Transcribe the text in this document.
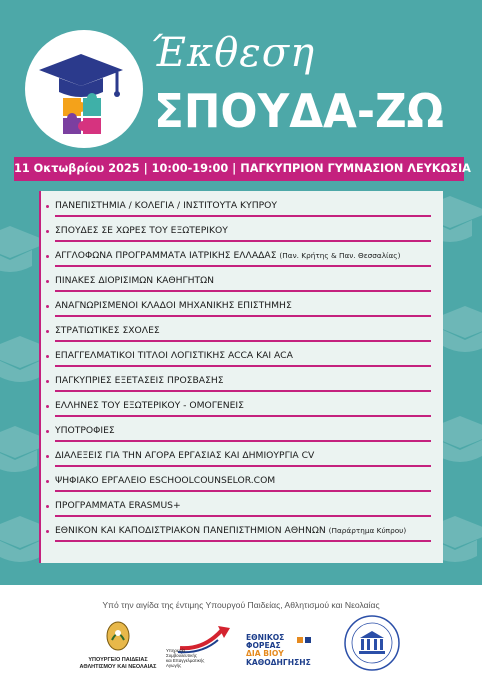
Έκθεση
ΣΠΟΥΔΑ-ΖΩ
11 Οκτωβρίου 2025 | 10:00-19:00 | ΠΑΓΚΥΠΡΙΟΝ ΓΥΜΝΑΣΙΟΝ ΛΕΥΚΩΣΙΑ
ΠΑΝΕΠΙΣΤΗΜΙΑ / ΚΟΛΕΓΙΑ / ΙΝΣΤΙΤΟΥΤΑ ΚΥΠΡΟΥ
ΣΠΟΥΔΕΣ ΣΕ ΧΩΡΕΣ ΤΟΥ ΕΞΩΤΕΡΙΚΟΥ
ΑΓΓΛΟΦΩΝΑ ΠΡΟΓΡΑΜΜΑΤΑ ΙΑΤΡΙΚΗΣ ΕΛΛΑΔΑΣ (Παν. Κρήτης & Παν. Θεσσαλίας)
ΠΙΝΑΚΕΣ ΔΙΟΡΙΣΙΜΩΝ ΚΑΘΗΓΗΤΩΝ
ΑΝΑΓΝΩΡΙΣΜΕΝΟΙ ΚΛΑΔΟΙ ΜΗΧΑΝΙΚΗΣ ΕΠΙΣΤΗΜΗΣ
ΣΤΡΑΤΙΩΤΙΚΕΣ ΣΧΟΛΕΣ
ΕΠΑΓΓΕΛΜΑΤΙΚΟΙ ΤΙΤΛΟΙ ΛΟΓΙΣΤΙΚΗΣ ACCA ΚΑΙ ACA
ΠΑΓΚΥΠΡΙΕΣ ΕΞΕΤΑΣΕΙΣ ΠΡΟΣΒΑΣΗΣ
ΕΛΛΗΝΕΣ ΤΟΥ ΕΞΩΤΕΡΙΚΟΥ - ΟΜΟΓΕΝΕΙΣ
ΥΠΟΤΡΟΦΙΕΣ
ΔΙΑΛΕΞΕΙΣ ΓΙΑ ΤΗΝ ΑΓΟΡΑ ΕΡΓΑΣΙΑΣ ΚΑΙ ΔΗΜΙΟΥΡΓΙΑ CV
ΨΗΦΙΑΚΟ ΕΡΓΑΛΕΙΟ ESCHOOLCOUNSELOR.COM
ΠΡΟΓΡΑΜΜΑΤΑ ERASMUS+
ΕΘΝΙΚΟΝ ΚΑΙ ΚΑΠΟΔΙΣΤΡΙΑΚΟΝ ΠΑΝΕΠΙΣΤΗΜΙΟΝ ΑΘΗΝΩΝ (Παράρτημα Κύπρου)
Υπό την αιγίδα της έντιμης Υπουργού Παιδείας, Αθλητισμού και Νεολαίας
ΥΠΟΥΡΓΕΙΟ ΠΑΙΔΕΙΑΣ
ΑΘΛΗΤΙΣΜΟΥ ΚΑΙ ΝΕΟΛΑΙΑΣ
Υπηρεσία
Συμβουλευτικής
και Επαγγελματικής
Αγωγής
ΕΘΝΙΚΟΣ
ΦΟΡΕΑΣ
ΔΙΑ ΒΙΟΥ
ΚΑΘΟΔΗΓΗΣΗΣ
